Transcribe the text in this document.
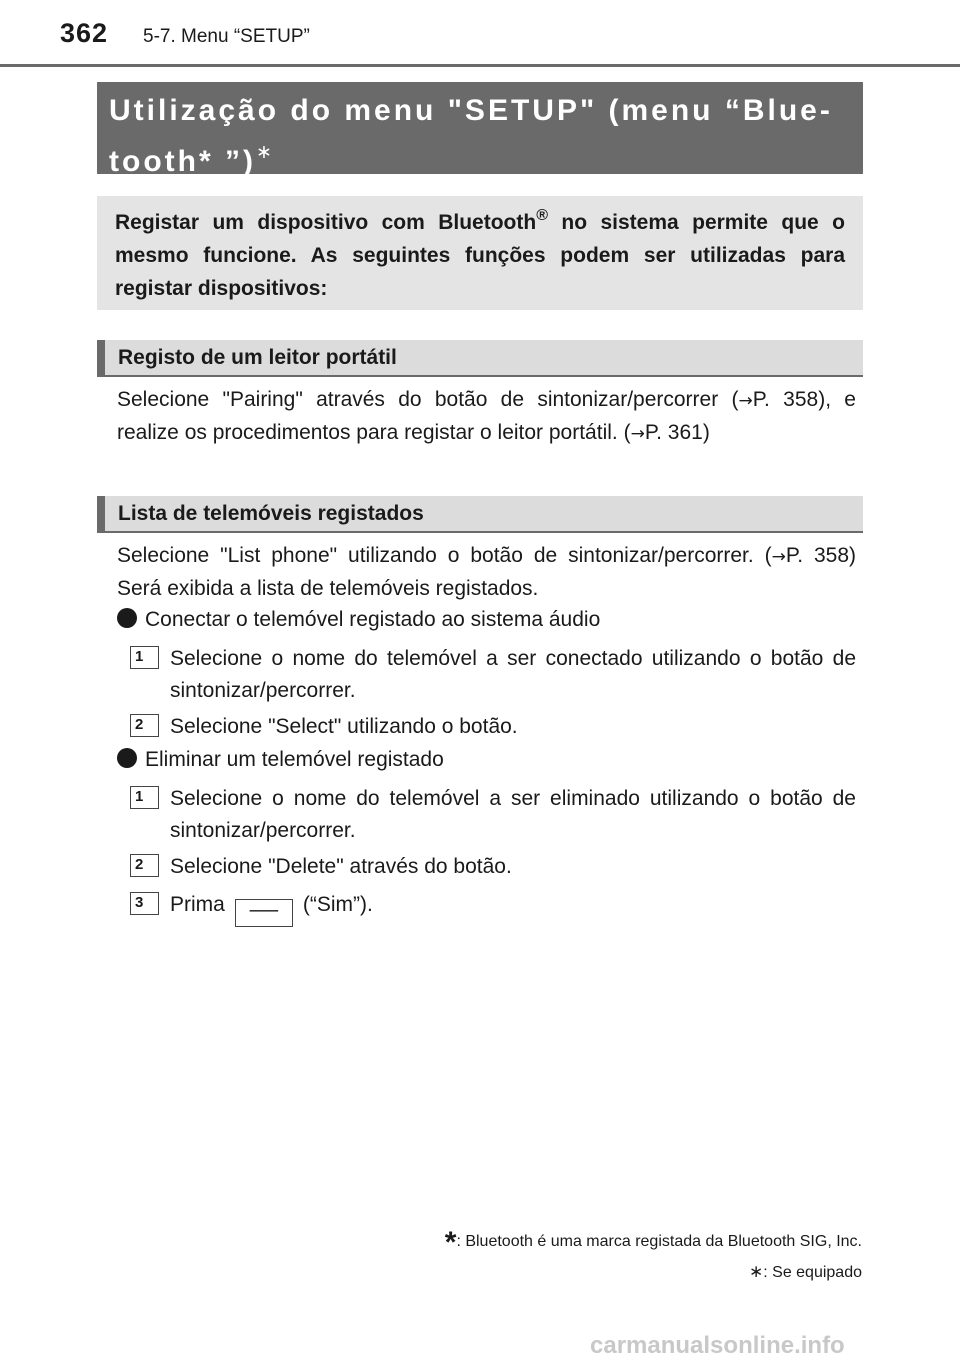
362 5-7. Menu “SETUP”
Utilização do menu "SETUP" (menu “Blue-
tooth* ”)∗
Registar um dispositivo com Bluetooth® no sistema permite que o mesmo funcione. As seguintes funções podem ser utilizadas para registar dispositivos:
Registo de um leitor portátil
Selecione "Pairing" através do botão de sintonizar/percorrer (→P. 358), e realize os procedimentos para registar o leitor portátil. (→P. 361)
Lista de telemóveis registados
Selecione "List phone" utilizando o botão de sintonizar/percorrer. (→P. 358) Será exibida a lista de telemóveis registados.
Conectar o telemóvel registado ao sistema áudio
1	Selecione o nome do telemóvel a ser conectado utilizando o botão de sintonizar/percorrer.
2	Selecione "Select" utilizando o botão.
Eliminar um telemóvel registado
1	Selecione o nome do telemóvel a ser eliminado utilizando o botão de sintonizar/percorrer.
2	Selecione "Delete" através do botão.
3	Prima ── (“Sim”).
*: Bluetooth é uma marca registada da Bluetooth SIG, Inc.
∗: Se equipado
carmanualsonline.info
